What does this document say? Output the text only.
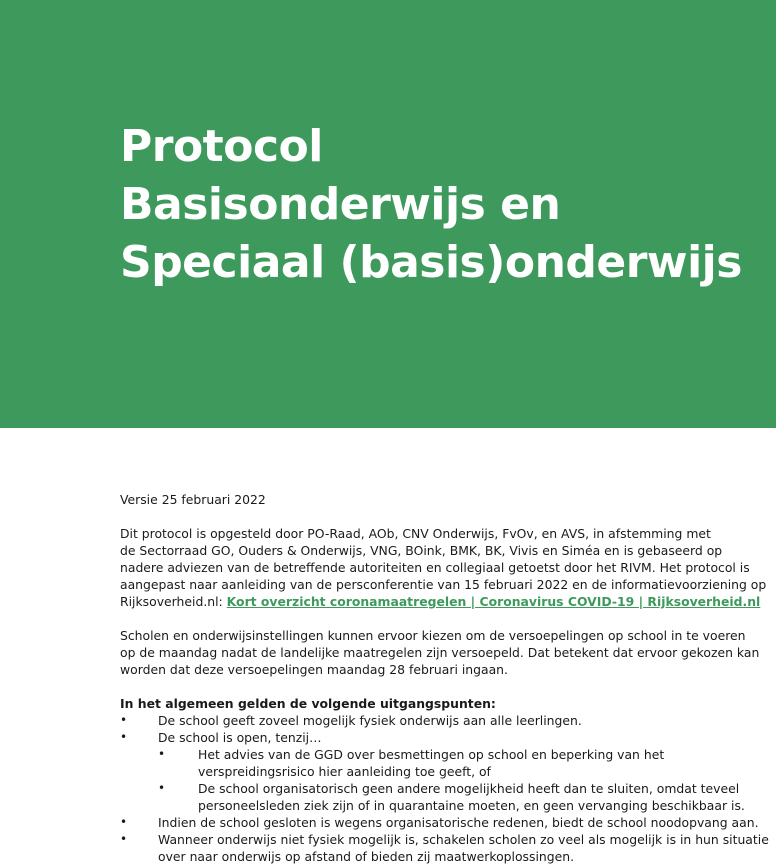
Protocol
Basisonderwijs en
Speciaal (basis)onderwijs

Versie 25 februari 2022

Dit protocol is opgesteld door PO-Raad, AOb, CNV Onderwijs, FvOv, en AVS, in afstemming met
de Sectorraad GO, Ouders & Onderwijs, VNG, BOink, BMK, BK, Vivis en Siméa en is gebaseerd op
nadere adviezen van de betreffende autoriteiten en collegiaal getoetst door het RIVM. Het protocol is
aangepast naar aanleiding van de persconferentie van 15 februari 2022 en de informatievoorziening op
Rijksoverheid.nl: Kort overzicht coronamaatregelen | Coronavirus COVID-19 | Rijksoverheid.nl

Scholen en onderwijsinstellingen kunnen ervoor kiezen om de versoepelingen op school in te voeren
op de maandag nadat de landelijke maatregelen zijn versoepeld. Dat betekent dat ervoor gekozen kan
worden dat deze versoepelingen maandag 28 februari ingaan.

In het algemeen gelden de volgende uitgangspunten:

• De school geeft zoveel mogelijk fysiek onderwijs aan alle leerlingen.
• De school is open, tenzij…
•	Het advies van de GGD over besmettingen op school en beperking van het
verspreidingsrisico hier aanleiding toe geeft, of
•	De school organisatorisch geen andere mogelijkheid heeft dan te sluiten, omdat teveel
personeelsleden ziek zijn of in quarantaine moeten, en geen vervanging beschikbaar is.
• Indien de school gesloten is wegens organisatorische redenen, biedt de school noodopvang aan.
• Wanneer onderwijs niet fysiek mogelijk is, schakelen scholen zo veel als mogelijk is in hun situatie
over naar onderwijs op afstand of bieden zij maatwerkoplossingen.
